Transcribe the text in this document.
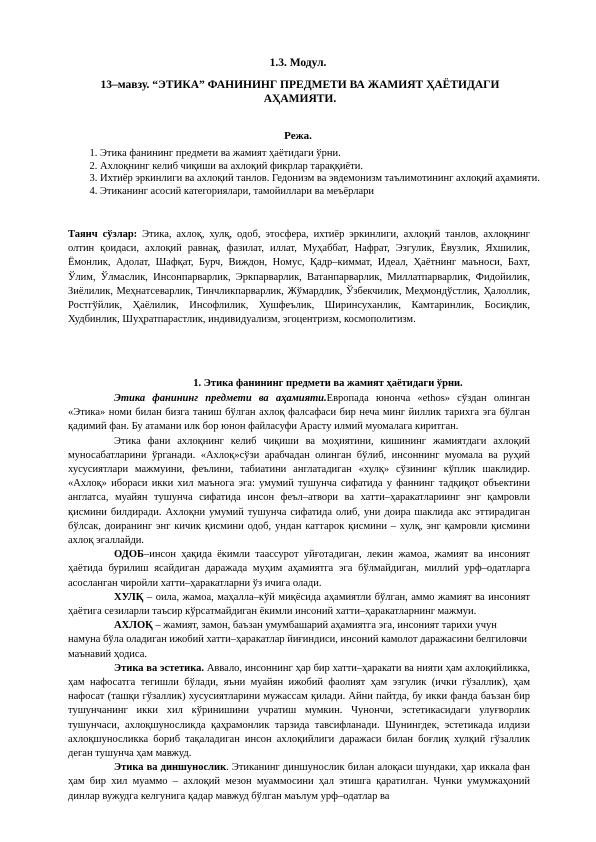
1.3. Модул.
13–мавзу. “ЭТИКА” ФАНИНИНГ ПРЕДМЕТИ ВА ЖАМИЯТ ҲАЁТИДАГИ АҲАМИЯТИ.
Режа.
1. Этика фанининг предмети ва жамият ҳаётидаги ўрни.
2. Ахлоқнинг келиб чиқиши ва ахлоқий фикрлар тараққиёти.
3. Ихтиёр эркинлиги ва ахлоқий танлов. Гедонизм ва эвдемонизм таълимотининг ахлоқий аҳамияти.
4. Этиканинг асосий категориялари, тамойиллари ва меъёрлари

Таянч сўзлар: Этика, ахлоқ, хулқ, одоб, этосфера, ихтиёр эркинлиги, ахлоқий танлов, ахлоқнинг олтин қоидаси, ахлоқий равнақ, фазилат, иллат, Муҳаббат, Нафрат, Эзгулик, Ёвузлик, Яхшилик, Ёмонлик, Адолат, Шафқат, Бурч, Виждон, Номус, Қадр–киммат, Идеал, Ҳаётнинг маъноси, Бахт, Ўлим, Ўлмаслик, Инсонпарварлик, Эркпарварлик, Ватанпарварлик, Миллатпарварлик, Фидойилик, Зиёлилик, Меҳнатсеварлик, Тинчликпарварлик, Жўмардлик, Ўзбекчилик, Меҳмондўстлик, Ҳалоллик, Ростгўйлик, Ҳаёлилик, Инсофлилик, Хушфеълик, Ширинсуханлик, Камтаринлик, Босиқлик, Худбинлик, Шуҳратпарастлик, индивидуализм, эгоцентризм, космополитизм.

1. Этика фанининг предмети ва жамият ҳаётидаги ўрни.

Этика фанининг предмети ва аҳамияти.Европада юнонча «ethos» сўздан олинган «Этика» номи билан бизга таниш бўлган ахлоқ фалсафаси бир неча минг йиллик тарихга эга бўлган қадимий фан. Бу атамани илк бор юнон файласуфи Арасту илмий муомалага киритган.

Этика фани ахлоқнинг келиб чиқиши ва моҳиятини, кишининг жамиятдаги ахлоқий муносабатларини ўрганади. «Ахлоқ»сўзи арабчадан олинган бўлиб, инсоннинг муомала ва руҳий хусусиятлари мажмуини, феълини, табиатини англатадиган «хулқ» сўзининг кўплик шаклидир. «Ахлоқ» ибораси икки хил маънога эга: умумий тушунча сифатида у фаннинг тадқиқот объектини англатса, муайян тушунча сифатида инсон феъл–атвори ва хатти–ҳаракатлариинг энг қамровли қисмини билдиради. Ахлоқни умумий тушунча сифатида олиб, уни доира шаклида акс эттирадиган бўлсак, доиранинг энг кичик қисмини одоб, ундан каттарок қисмини – хулқ, энг қамровли қисмини ахлоқ эгаллайди.

ОДОБ–инсон ҳақида ёкимли таассурот уйғотадиган, лекин жамоа, жамият ва инсоният ҳаётида бурилиш ясайдиган даражада муҳим аҳамиятга эга бўлмайдиган, миллий урф–одатларга асосланган чиройли хатти–ҳаракатларни ўз ичига олади.

ХУЛҚ – оила, жамоа, маҳалла–кўй миқёсида аҳамиятли бўлган, аммо жамият ва инсоният ҳаётига сезиларли таъсир кўрсатмайдиган ёкимли инсоний хатти–ҳаракатларнинг мажмуи.

АХЛОҚ – жамият, замон, баъзан умумбашарий аҳамиятга эга, инсоният тарихи учун намуна бўла оладиган ижобий хатти–ҳаракатлар йиғиндиси, инсоний камолот даражасини белгиловчи маънавий ҳодиса.

Этика ва эстетика. Аввало, инсоннинг ҳар бир хатти–ҳаракати ва нияти ҳам ахлоқийликка, ҳам нафосатга тегишли бўлади, яъни муайян ижобий фаолият ҳам эзгулик (ички гўзаллик), ҳам нафосат (ташқи гўзаллик) хусусиятларини мужассам қилади. Айни пайтда, бу икки фанда баъзан бир тушунчанинг икки хил кўринишини учратиш мумкин. Чунончи, эстетикасидаги улуғворлик тушунчаси, ахлоқшуносликда қаҳрамонлик тарзида тавсифланади. Шунингдек, эстетикада илдизи ахлоқшуносликка бориб тақаладиган инсон ахлоқийлиги даражаси билан боғлиқ хулқий гўзаллик деган тушунча ҳам мавжуд.

Этика ва диншунослик. Этиканинг диншунослик билан алоқаси шундаки, ҳар иккала фан ҳам бир хил муаммо – ахлоқий мезон муаммосини ҳал этишга қаратилган. Чунки умумжаҳоний динлар вужудга келгунига қадар мавжуд бўлган маълум урф–одатлар ва
